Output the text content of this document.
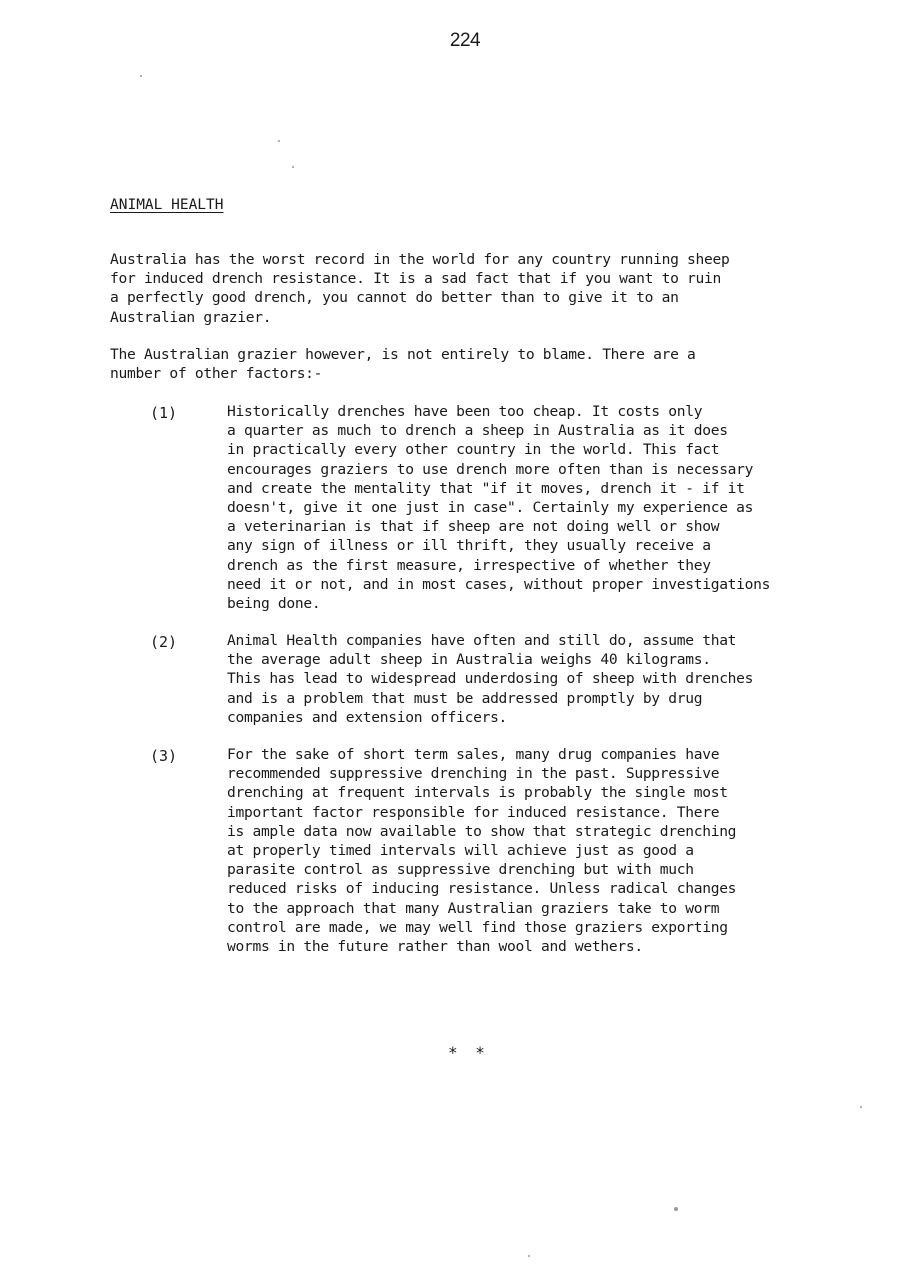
224
ANIMAL HEALTH

Australia has the worst record in the world for any country running sheep
for induced drench resistance. It is a sad fact that if you want to ruin
a perfectly good drench, you cannot do better than to give it to an
Australian grazier.

The Australian grazier however, is not entirely to blame. There are a
number of other factors:-

(1)	Historically drenches have been too cheap. It costs only
a quarter as much to drench a sheep in Australia as it does
in practically every other country in the world. This fact
encourages graziers to use drench more often than is necessary
and create the mentality that "if it moves, drench it - if it
doesn't, give it one just in case". Certainly my experience as
a veterinarian is that if sheep are not doing well or show
any sign of illness or ill thrift, they usually receive a
drench as the first measure, irrespective of whether they
need it or not, and in most cases, without proper investigations
being done.

(2)	Animal Health companies have often and still do, assume that
the average adult sheep in Australia weighs 40 kilograms.
This has lead to widespread underdosing of sheep with drenches
and is a problem that must be addressed promptly by drug
companies and extension officers.

(3)	For the sake of short term sales, many drug companies have
recommended suppressive drenching in the past. Suppressive
drenching at frequent intervals is probably the single most
important factor responsible for induced resistance. There
is ample data now available to show that strategic drenching
at properly timed intervals will achieve just as good a
parasite control as suppressive drenching but with much
reduced risks of inducing resistance. Unless radical changes
to the approach that many Australian graziers take to worm
control are made, we may well find those graziers exporting
worms in the future rather than wool and wethers.

* *
